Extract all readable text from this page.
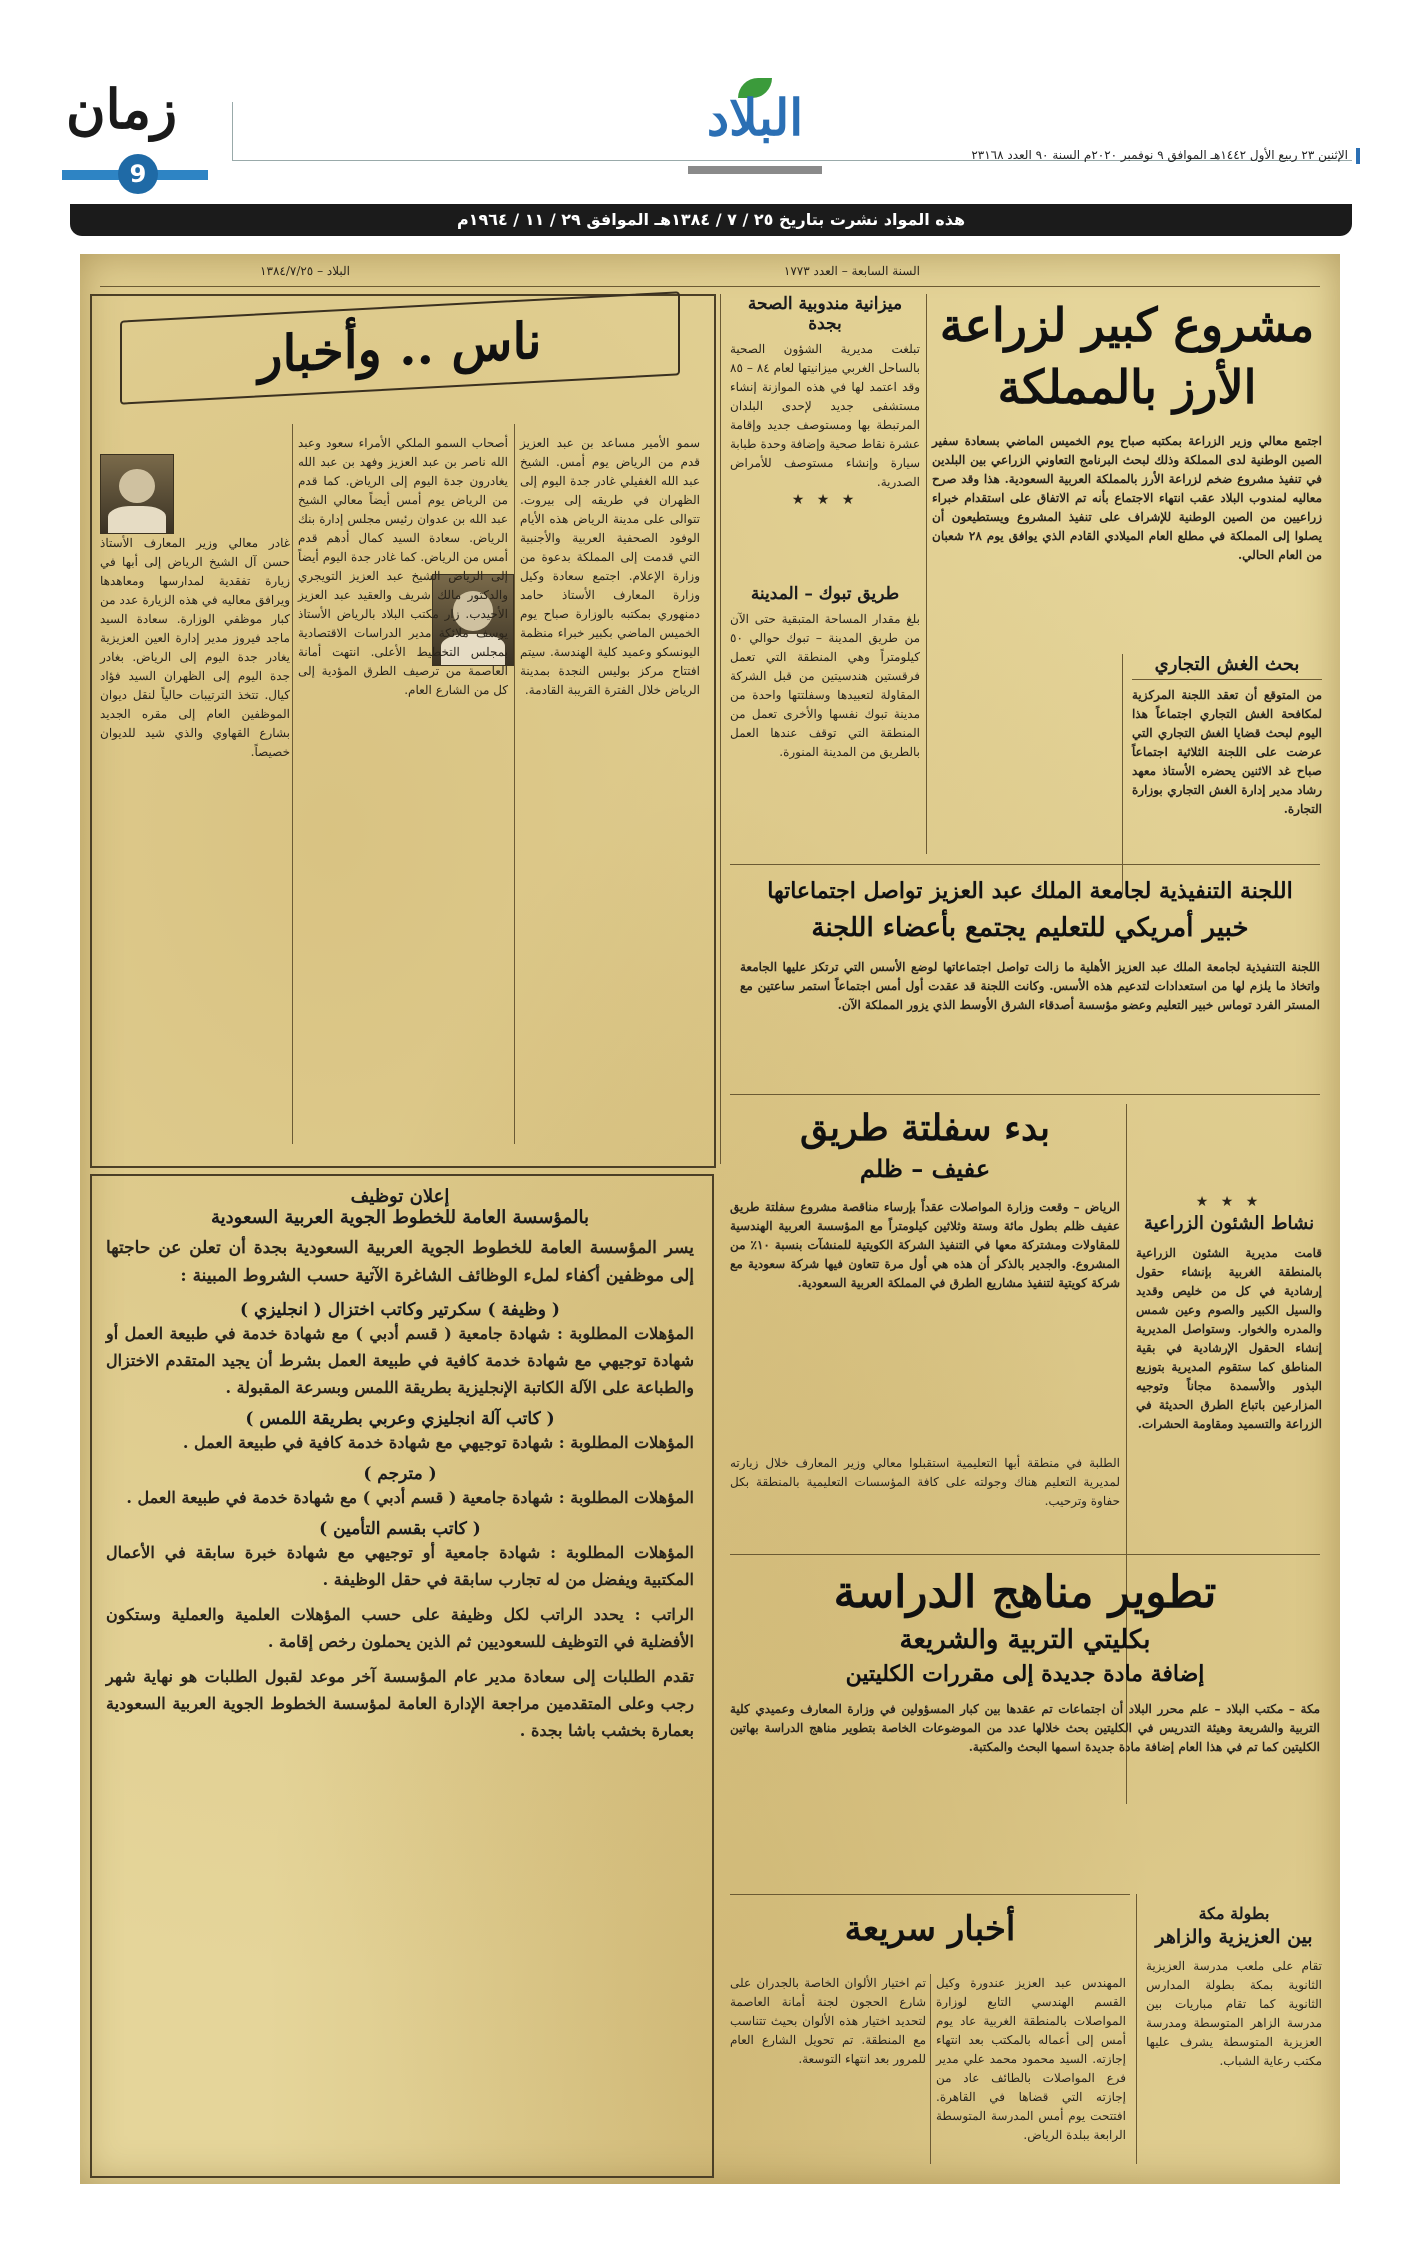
زمان
9
البلاد
الإثنين ٢٣ ربيع الأول ١٤٤٢هـ الموافق ٩ نوفمبر ٢٠٢٠م السنة ٩٠ العدد ٢٣١٦٨
هذه المواد نشرت بتاريخ ٢٥ / ٧ / ١٣٨٤هـ الموافق ٢٩ / ١١ / ١٩٦٤م
السنة السابعة – العدد ١٧٧٣
البلاد – ١٣٨٤/٧/٢٥
مشروع كبير لزراعة الأرز بالمملكة
اجتمع معالي وزير الزراعة بمكتبه صباح يوم الخميس الماضي بسعادة سفير الصين الوطنية لدى المملكة وذلك لبحث البرنامج التعاوني الزراعي بين البلدين في تنفيذ مشروع ضخم لزراعة الأرز بالمملكة العربية السعودية. هذا وقد صرح معاليه لمندوب البلاد عقب انتهاء الاجتماع بأنه تم الاتفاق على استقدام خبراء زراعيين من الصين الوطنية للإشراف على تنفيذ المشروع ويستطيعون أن يصلوا إلى المملكة في مطلع العام الميلادي القادم الذي يوافق يوم ٢٨ شعبان من العام الحالي.
بحث الغش التجاري
من المتوقع أن تعقد اللجنة المركزية لمكافحة الغش التجاري اجتماعاً هذا اليوم لبحث قضايا الغش التجاري التي عرضت على اللجنة الثلاثية اجتماعاً صباح غد الاثنين يحضره الأستاذ معهد رشاد مدير إدارة الغش التجاري بوزارة التجارة.
ميزانية مندوبية الصحة بجدة
تبلغت مديرية الشؤون الصحية بالساحل الغربي ميزانيتها لعام ٨٤ – ٨٥ وقد اعتمد لها في هذه الموازنة إنشاء مستشفى جديد لإحدى البلدان المرتبطة بها ومستوصف جديد وإقامة عشرة نقاط صحية وإضافة وحدة طبابة سيارة وإنشاء مستوصف للأمراض الصدرية.
★ ★ ★
طريق تبوك – المدينة
بلغ مقدار المساحة المتبقية حتى الآن من طريق المدينة – تبوك حوالي ٥٠ كيلومتراً وهي المنطقة التي تعمل فرقستين هندسيتين من قبل الشركة المقاولة لتعبيدها وسفلتتها واحدة من مدينة تبوك نفسها والأخرى تعمل من المنطقة التي توقف عندها العمل بالطريق من المدينة المنورة.
ناس .. وأخبار
سمو الأمير مساعد بن عبد العزيز قدم من الرياض يوم أمس. الشيخ عبد الله الغفيلي غادر جدة اليوم إلى الظهران في طريقه إلى بيروت. تتوالى على مدينة الرياض هذه الأيام الوفود الصحفية العربية والأجنبية التي قدمت إلى المملكة بدعوة من وزارة الإعلام. اجتمع سعادة وكيل وزارة المعارف الأستاذ حامد دمنهوري بمكتبه بالوزارة صباح يوم الخميس الماضي بكبير خبراء منظمة اليونسكو وعميد كلية الهندسة. سيتم افتتاح مركز بوليس النجدة بمدينة الرياض خلال الفترة القريبة القادمة.
أصحاب السمو الملكي الأمراء سعود وعبد الله ناصر بن عبد العزيز وفهد بن عبد الله يغادرون جدة اليوم إلى الرياض. كما قدم من الرياض يوم أمس أيضاً معالي الشيخ عبد الله بن عدوان رئيس مجلس إدارة بنك الرياض. سعادة السيد كمال أدهم قدم أمس من الرياض. كما غادر جدة اليوم أيضاً إلى الرياض الشيخ عبد العزيز التويجري والدكتور مالك شريف والعقيد عبد العزيز الأحيدب. زار مكتب البلاد بالرياض الأستاذ يوسف ملائكة مدير الدراسات الاقتصادية بمجلس التخطيط الأعلى. انتهت أمانة العاصمة من ترصيف الطرق المؤدية إلى كل من الشارع العام.
غادر معالي وزير المعارف الأستاذ حسن آل الشيخ الرياض إلى أبها في زيارة تفقدية لمدارسها ومعاهدها ويرافق معاليه في هذه الزيارة عدد من كبار موظفي الوزارة. سعادة السيد ماجد فيروز مدير إدارة العين العزيزية يغادر جدة اليوم إلى الرياض. بغادر جدة اليوم إلى الظهران السيد فؤاد كيال. تتخذ الترتيبات حالياً لنقل ديوان الموظفين العام إلى مقره الجديد بشارع القهاوي والذي شيد للديوان خصيصاً.
اللجنة التنفيذية لجامعة الملك عبد العزيز تواصل اجتماعاتها
خبير أمريكي للتعليم يجتمع بأعضاء اللجنة
اللجنة التنفيذية لجامعة الملك عبد العزيز الأهلية ما زالت تواصل اجتماعاتها لوضع الأسس التي ترتكز عليها الجامعة واتخاذ ما يلزم لها من استعدادات لتدعيم هذه الأسس. وكانت اللجنة قد عقدت أول أمس اجتماعاً استمر ساعتين مع المستر الفرد توماس خبير التعليم وعضو مؤسسة أصدقاء الشرق الأوسط الذي يزور المملكة الآن.
بدء سفلتة طريق
عفيف – ظلم
الرياض – وقعت وزارة المواصلات عقداً بإرساء مناقصة مشروع سفلتة طريق عفيف ظلم بطول مائة وستة وثلاثين كيلومتراً مع المؤسسة العربية الهندسية للمقاولات ومشتركة معها في التنفيذ الشركة الكويتية للمنشآت بنسبة ١٠٪ من المشروع. والجدير بالذكر أن هذه هي أول مرة تتعاون فيها شركة سعودية مع شركة كويتية لتنفيذ مشاريع الطرق في المملكة العربية السعودية.
الطلبة في منطقة أبها التعليمية استقبلوا معالي وزير المعارف خلال زيارته لمديرية التعليم هناك وجولته على كافة المؤسسات التعليمية بالمنطقة بكل حفاوة وترحيب.
★ ★ ★
نشاط الشئون الزراعية
قامت مديرية الشئون الزراعية بالمنطقة الغربية بإنشاء حقول إرشادية في كل من خليص وقديد والسيل الكبير والصوم وعين شمس والمدره والخوار. وستواصل المديرية إنشاء الحقول الإرشادية في بقية المناطق كما ستقوم المديرية بتوزيع البذور والأسمدة مجاناً وتوجيه المزارعين باتباع الطرق الحديثة في الزراعة والتسميد ومقاومة الحشرات.
إعلان توظيف
بالمؤسسة العامة للخطوط الجوية العربية السعودية
يسر المؤسسة العامة للخطوط الجوية العربية السعودية بجدة أن تعلن عن حاجتها إلى موظفين أكفاء لملء الوظائف الشاغرة الآتية حسب الشروط المبينة :
( وظيفة ) سكرتير وكاتب اختزال ( انجليزي )
المؤهلات المطلوبة : شهادة جامعية ( قسم أدبي ) مع شهادة خدمة في طبيعة العمل أو شهادة توجيهي مع شهادة خدمة كافية في طبيعة العمل بشرط أن يجيد المتقدم الاختزال والطباعة على الآلة الكاتبة الإنجليزية بطريقة اللمس وبسرعة المقبولة .
( كاتب آلة انجليزي وعربي بطريقة اللمس )
المؤهلات المطلوبة : شهادة توجيهي مع شهادة خدمة كافية في طبيعة العمل .
( مترجم )
المؤهلات المطلوبة : شهادة جامعية ( قسم أدبي ) مع شهادة خدمة في طبيعة العمل .
( كاتب بقسم التأمين )
المؤهلات المطلوبة : شهادة جامعية أو توجيهي مع شهادة خبرة سابقة في الأعمال المكتبية ويفضل من له تجارب سابقة في حقل الوظيفة .
الراتب : يحدد الراتب لكل وظيفة على حسب المؤهلات العلمية والعملية وستكون الأفضلية في التوظيف للسعوديين ثم الذين يحملون رخص إقامة .
تقدم الطلبات إلى سعادة مدير عام المؤسسة آخر موعد لقبول الطلبات هو نهاية شهر رجب وعلى المتقدمين مراجعة الإدارة العامة لمؤسسة الخطوط الجوية العربية السعودية بعمارة بخشب باشا بجدة .
تطوير مناهج الدراسة
بكليتي التربية والشريعة
إضافة مادة جديدة إلى مقررات الكليتين
مكة – مكتب البلاد – علم محرر البلاد أن اجتماعات تم عقدها بين كبار المسؤولين في وزارة المعارف وعميدي كلية التربية والشريعة وهيئة التدريس في الكليتين بحث خلالها عدد من الموضوعات الخاصة بتطوير مناهج الدراسة بهاتين الكليتين كما تم في هذا العام إضافة مادة جديدة اسمها البحث والمكتبة.
أخبار سريعة
المهندس عبد العزيز عندورة وكيل القسم الهندسي التابع لوزارة المواصلات بالمنطقة الغربية عاد يوم أمس إلى أعماله بالمكتب بعد انتهاء إجازته. السيد محمود محمد علي مدير فرع المواصلات بالطائف عاد من إجازته التي قضاها في القاهرة. افتتحت يوم أمس المدرسة المتوسطة الرابعة ببلدة الرياض.
تم اختيار الألوان الخاصة بالجدران على شارع الحجون لجنة أمانة العاصمة لتحديد اختيار هذه الألوان بحيث تتناسب مع المنطقة. تم تحويل الشارع العام للمرور بعد انتهاء التوسعة.
بطولة مكة
بين العزيزية والزاهر
تقام على ملعب مدرسة العزيزية الثانوية بمكة بطولة المدارس الثانوية كما تقام مباريات بين مدرسة الزاهر المتوسطة ومدرسة العزيزية المتوسطة يشرف عليها مكتب رعاية الشباب.
